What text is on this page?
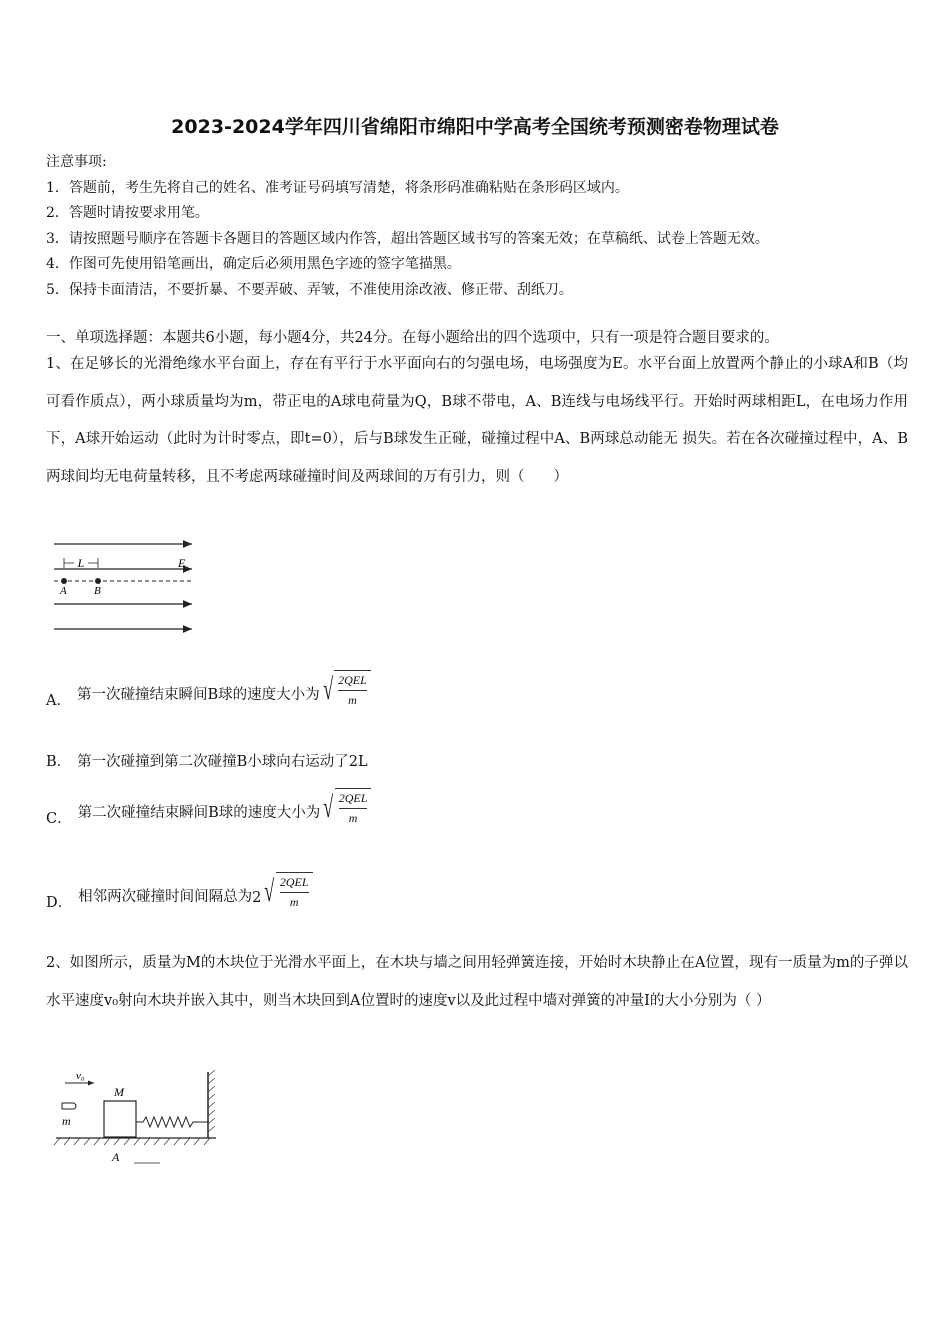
2023-2024学年四川省绵阳市绵阳中学高考全国统考预测密卷物理试卷
注意事项:
1．答题前，考生先将自己的姓名、准考证号码填写清楚，将条形码准确粘贴在条形码区域内。
2．答题时请按要求用笔。
3．请按照题号顺序在答题卡各题目的答题区域内作答，超出答题区域书写的答案无效；在草稿纸、试卷上答题无效。
4．作图可先使用铅笔画出，确定后必须用黑色字迹的签字笔描黑。
5．保持卡面清洁，不要折暴、不要弄破、弄皱，不准使用涂改液、修正带、刮纸刀。
一、单项选择题：本题共6小题，每小题4分，共24分。在每小题给出的四个选项中，只有一项是符合题目要求的。
1、在足够长的光滑绝缘水平台面上，存在有平行于水平面向右的匀强电场，电场强度为E。水平台面上放置两个静止的小球A和B（均可看作质点），两小球质量均为m，带正电的A球电荷量为Q，B球不带电，A、B连线与电场线平行。开始时两球相距L，在电场力作用下，A球开始运动（此时为计时零点，即t=0），后与B球发生正碰，碰撞过程中A、B两球总动能无 损失。若在各次碰撞过程中，A、B两球间均无电荷量转移，且不考虑两球碰撞时间及两球间的万有引力，则（　　）
L	E
A B
A． 第一次碰撞结束瞬间B球的速度大小为 √ $\frac{\text{2QEL}}{m}$
B． 第一次碰撞到第二次碰撞B小球向右运动了2L
C． 第二次碰撞结束瞬间B球的速度大小为 √ $\frac{\text{2QEL}}{m}$
D． 相邻两次碰撞时间间隔总为 2 √ $\frac{\text{2QEL}}{m}$
2、如图所示，质量为M的木块位于光滑水平面上，在木块与墙之间用轻弹簧连接，开始时木块静止在A位置，现有一质量为m的子弹以水平速度v₀射向木块并嵌入其中，则当木块回到A位置时的速度v以及此过程中墙对弹簧的冲量I的大小分别为（ ）
v₀
m
M
A
